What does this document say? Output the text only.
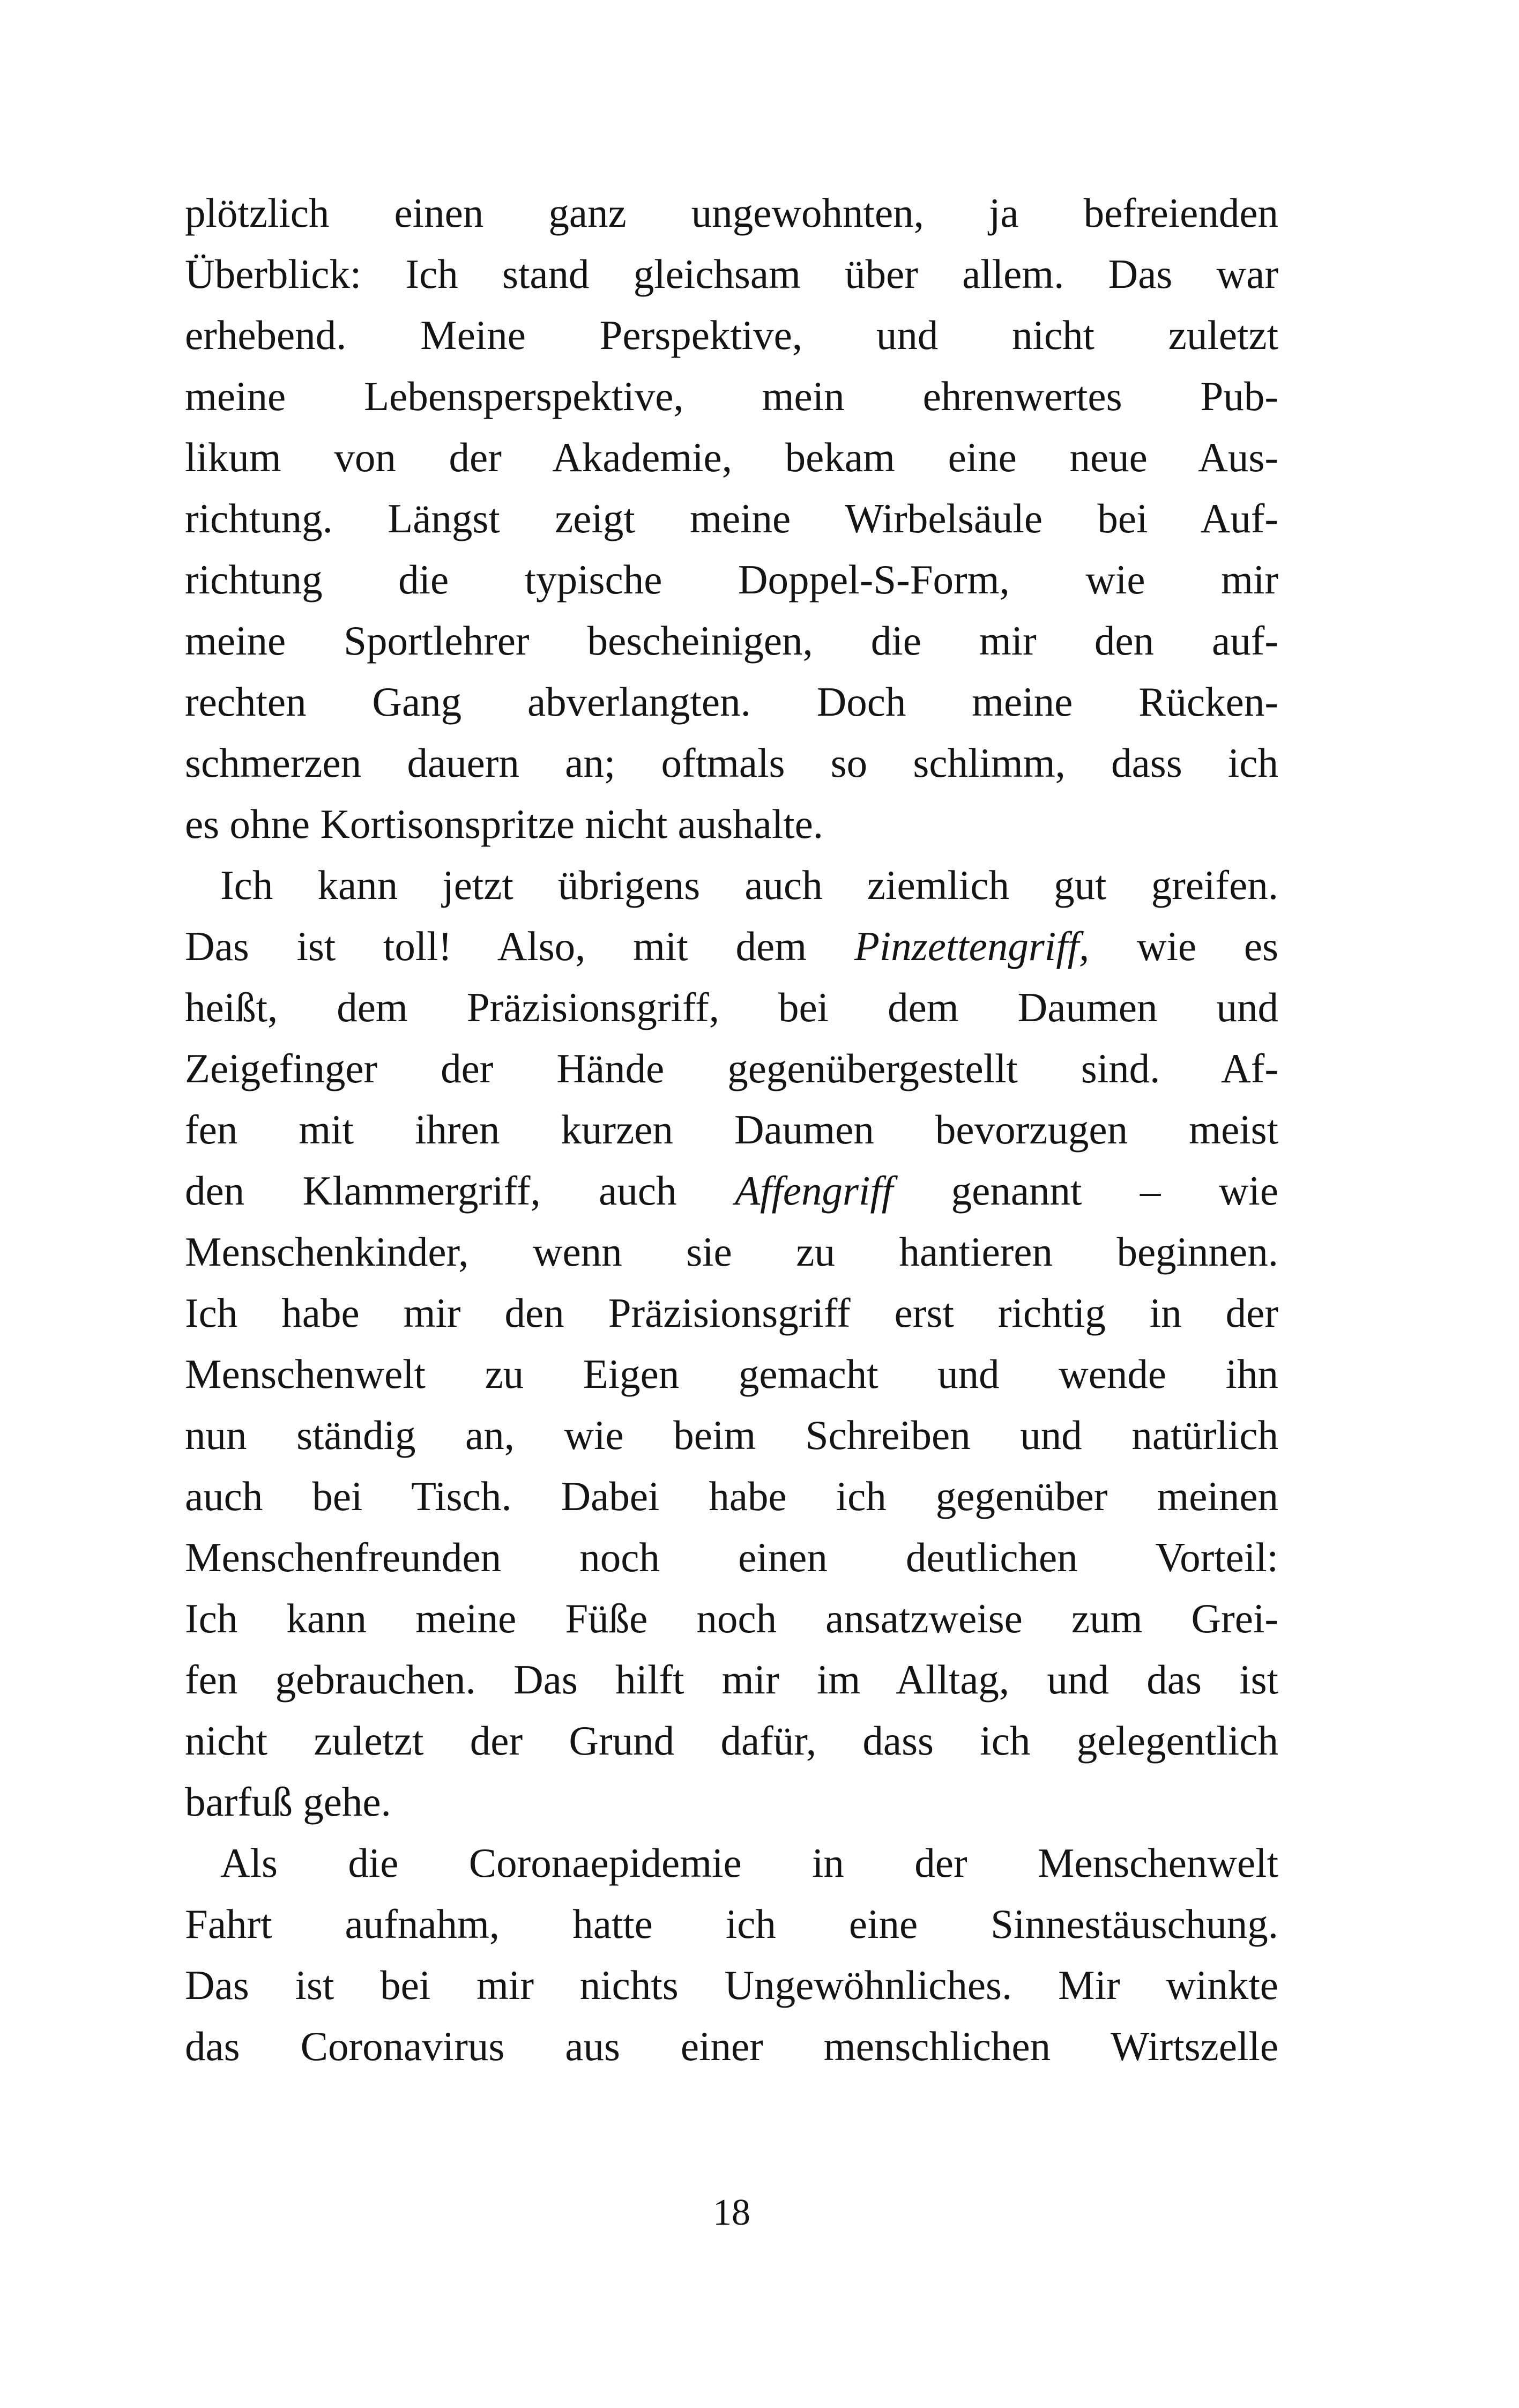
plötzlich einen ganz ungewohnten, ja befreienden
Überblick: Ich stand gleichsam über allem. Das war
erhebend. Meine Perspektive, und nicht zuletzt
meine Lebensperspektive, mein ehrenwertes Pub-
likum von der Akademie, bekam eine neue Aus-
richtung. Längst zeigt meine Wirbelsäule bei Auf-
richtung die typische Doppel-S-Form, wie mir
meine Sportlehrer bescheinigen, die mir den auf-
rechten Gang abverlangten. Doch meine Rücken-
schmerzen dauern an; oftmals so schlimm, dass ich
es ohne Kortisonspritze nicht aushalte.

Ich kann jetzt übrigens auch ziemlich gut greifen.
Das ist toll! Also, mit dem Pinzettengriff, wie es
heißt, dem Präzisionsgriff, bei dem Daumen und
Zeigefinger der Hände gegenübergestellt sind. Af-
fen mit ihren kurzen Daumen bevorzugen meist
den Klammergriff, auch Affengriff genannt – wie
Menschenkinder, wenn sie zu hantieren beginnen.
Ich habe mir den Präzisionsgriff erst richtig in der
Menschenwelt zu Eigen gemacht und wende ihn
nun ständig an, wie beim Schreiben und natürlich
auch bei Tisch. Dabei habe ich gegenüber meinen
Menschenfreunden noch einen deutlichen Vorteil:
Ich kann meine Füße noch ansatzweise zum Grei-
fen gebrauchen. Das hilft mir im Alltag, und das ist
nicht zuletzt der Grund dafür, dass ich gelegentlich
barfuß gehe.

Als die Coronaepidemie in der Menschenwelt
Fahrt aufnahm, hatte ich eine Sinnestäuschung.
Das ist bei mir nichts Ungewöhnliches. Mir winkte
das Coronavirus aus einer menschlichen Wirtszelle

18
